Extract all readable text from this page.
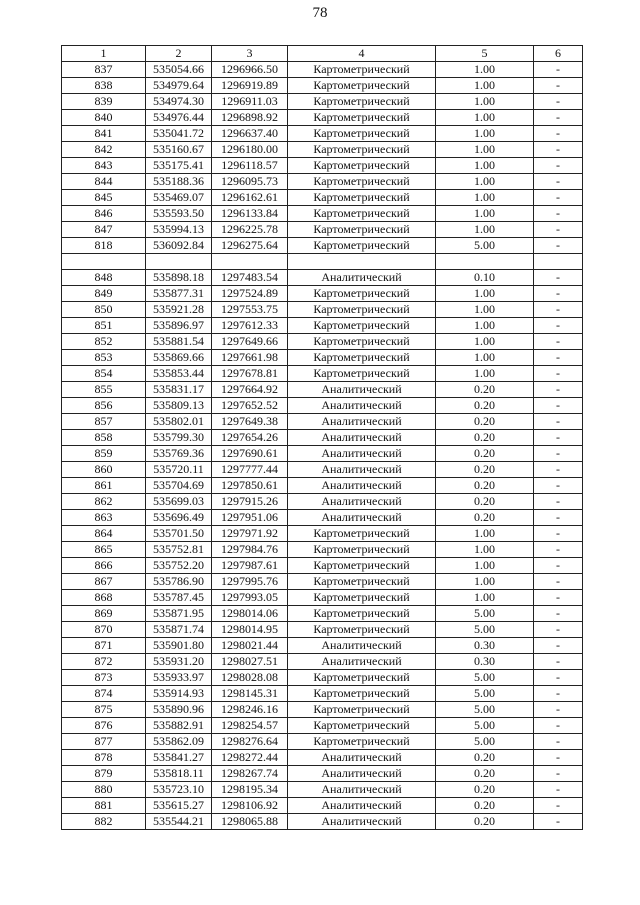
78
1	2	3	4	5	6
837	535054.66	1296966.50	Картометрический	1.00	-
838	534979.64	1296919.89	Картометрический	1.00	-
839	534974.30	1296911.03	Картометрический	1.00	-
840	534976.44	1296898.92	Картометрический	1.00	-
841	535041.72	1296637.40	Картометрический	1.00	-
842	535160.67	1296180.00	Картометрический	1.00	-
843	535175.41	1296118.57	Картометрический	1.00	-
844	535188.36	1296095.73	Картометрический	1.00	-
845	535469.07	1296162.61	Картометрический	1.00	-
846	535593.50	1296133.84	Картометрический	1.00	-
847	535994.13	1296225.78	Картометрический	1.00	-
818	536092.84	1296275.64	Картометрический	5.00	-

848	535898.18	1297483.54	Аналитический	0.10	-
849	535877.31	1297524.89	Картометрический	1.00	-
850	535921.28	1297553.75	Картометрический	1.00	-
851	535896.97	1297612.33	Картометрический	1.00	-
852	535881.54	1297649.66	Картометрический	1.00	-
853	535869.66	1297661.98	Картометрический	1.00	-
854	535853.44	1297678.81	Картометрический	1.00	-
855	535831.17	1297664.92	Аналитический	0.20	-
856	535809.13	1297652.52	Аналитический	0.20	-
857	535802.01	1297649.38	Аналитический	0.20	-
858	535799.30	1297654.26	Аналитический	0.20	-
859	535769.36	1297690.61	Аналитический	0.20	-
860	535720.11	1297777.44	Аналитический	0.20	-
861	535704.69	1297850.61	Аналитический	0.20	-
862	535699.03	1297915.26	Аналитический	0.20	-
863	535696.49	1297951.06	Аналитический	0.20	-
864	535701.50	1297971.92	Картометрический	1.00	-
865	535752.81	1297984.76	Картометрический	1.00	-
866	535752.20	1297987.61	Картометрический	1.00	-
867	535786.90	1297995.76	Картометрический	1.00	-
868	535787.45	1297993.05	Картометрический	1.00	-
869	535871.95	1298014.06	Картометрический	5.00	-
870	535871.74	1298014.95	Картометрический	5.00	-
871	535901.80	1298021.44	Аналитический	0.30	-
872	535931.20	1298027.51	Аналитический	0.30	-
873	535933.97	1298028.08	Картометрический	5.00	-
874	535914.93	1298145.31	Картометрический	5.00	-
875	535890.96	1298246.16	Картометрический	5.00	-
876	535882.91	1298254.57	Картометрический	5.00	-
877	535862.09	1298276.64	Картометрический	5.00	-
878	535841.27	1298272.44	Аналитический	0.20	-
879	535818.11	1298267.74	Аналитический	0.20	-
880	535723.10	1298195.34	Аналитический	0.20	-
881	535615.27	1298106.92	Аналитический	0.20	-
882	535544.21	1298065.88	Аналитический	0.20	-
